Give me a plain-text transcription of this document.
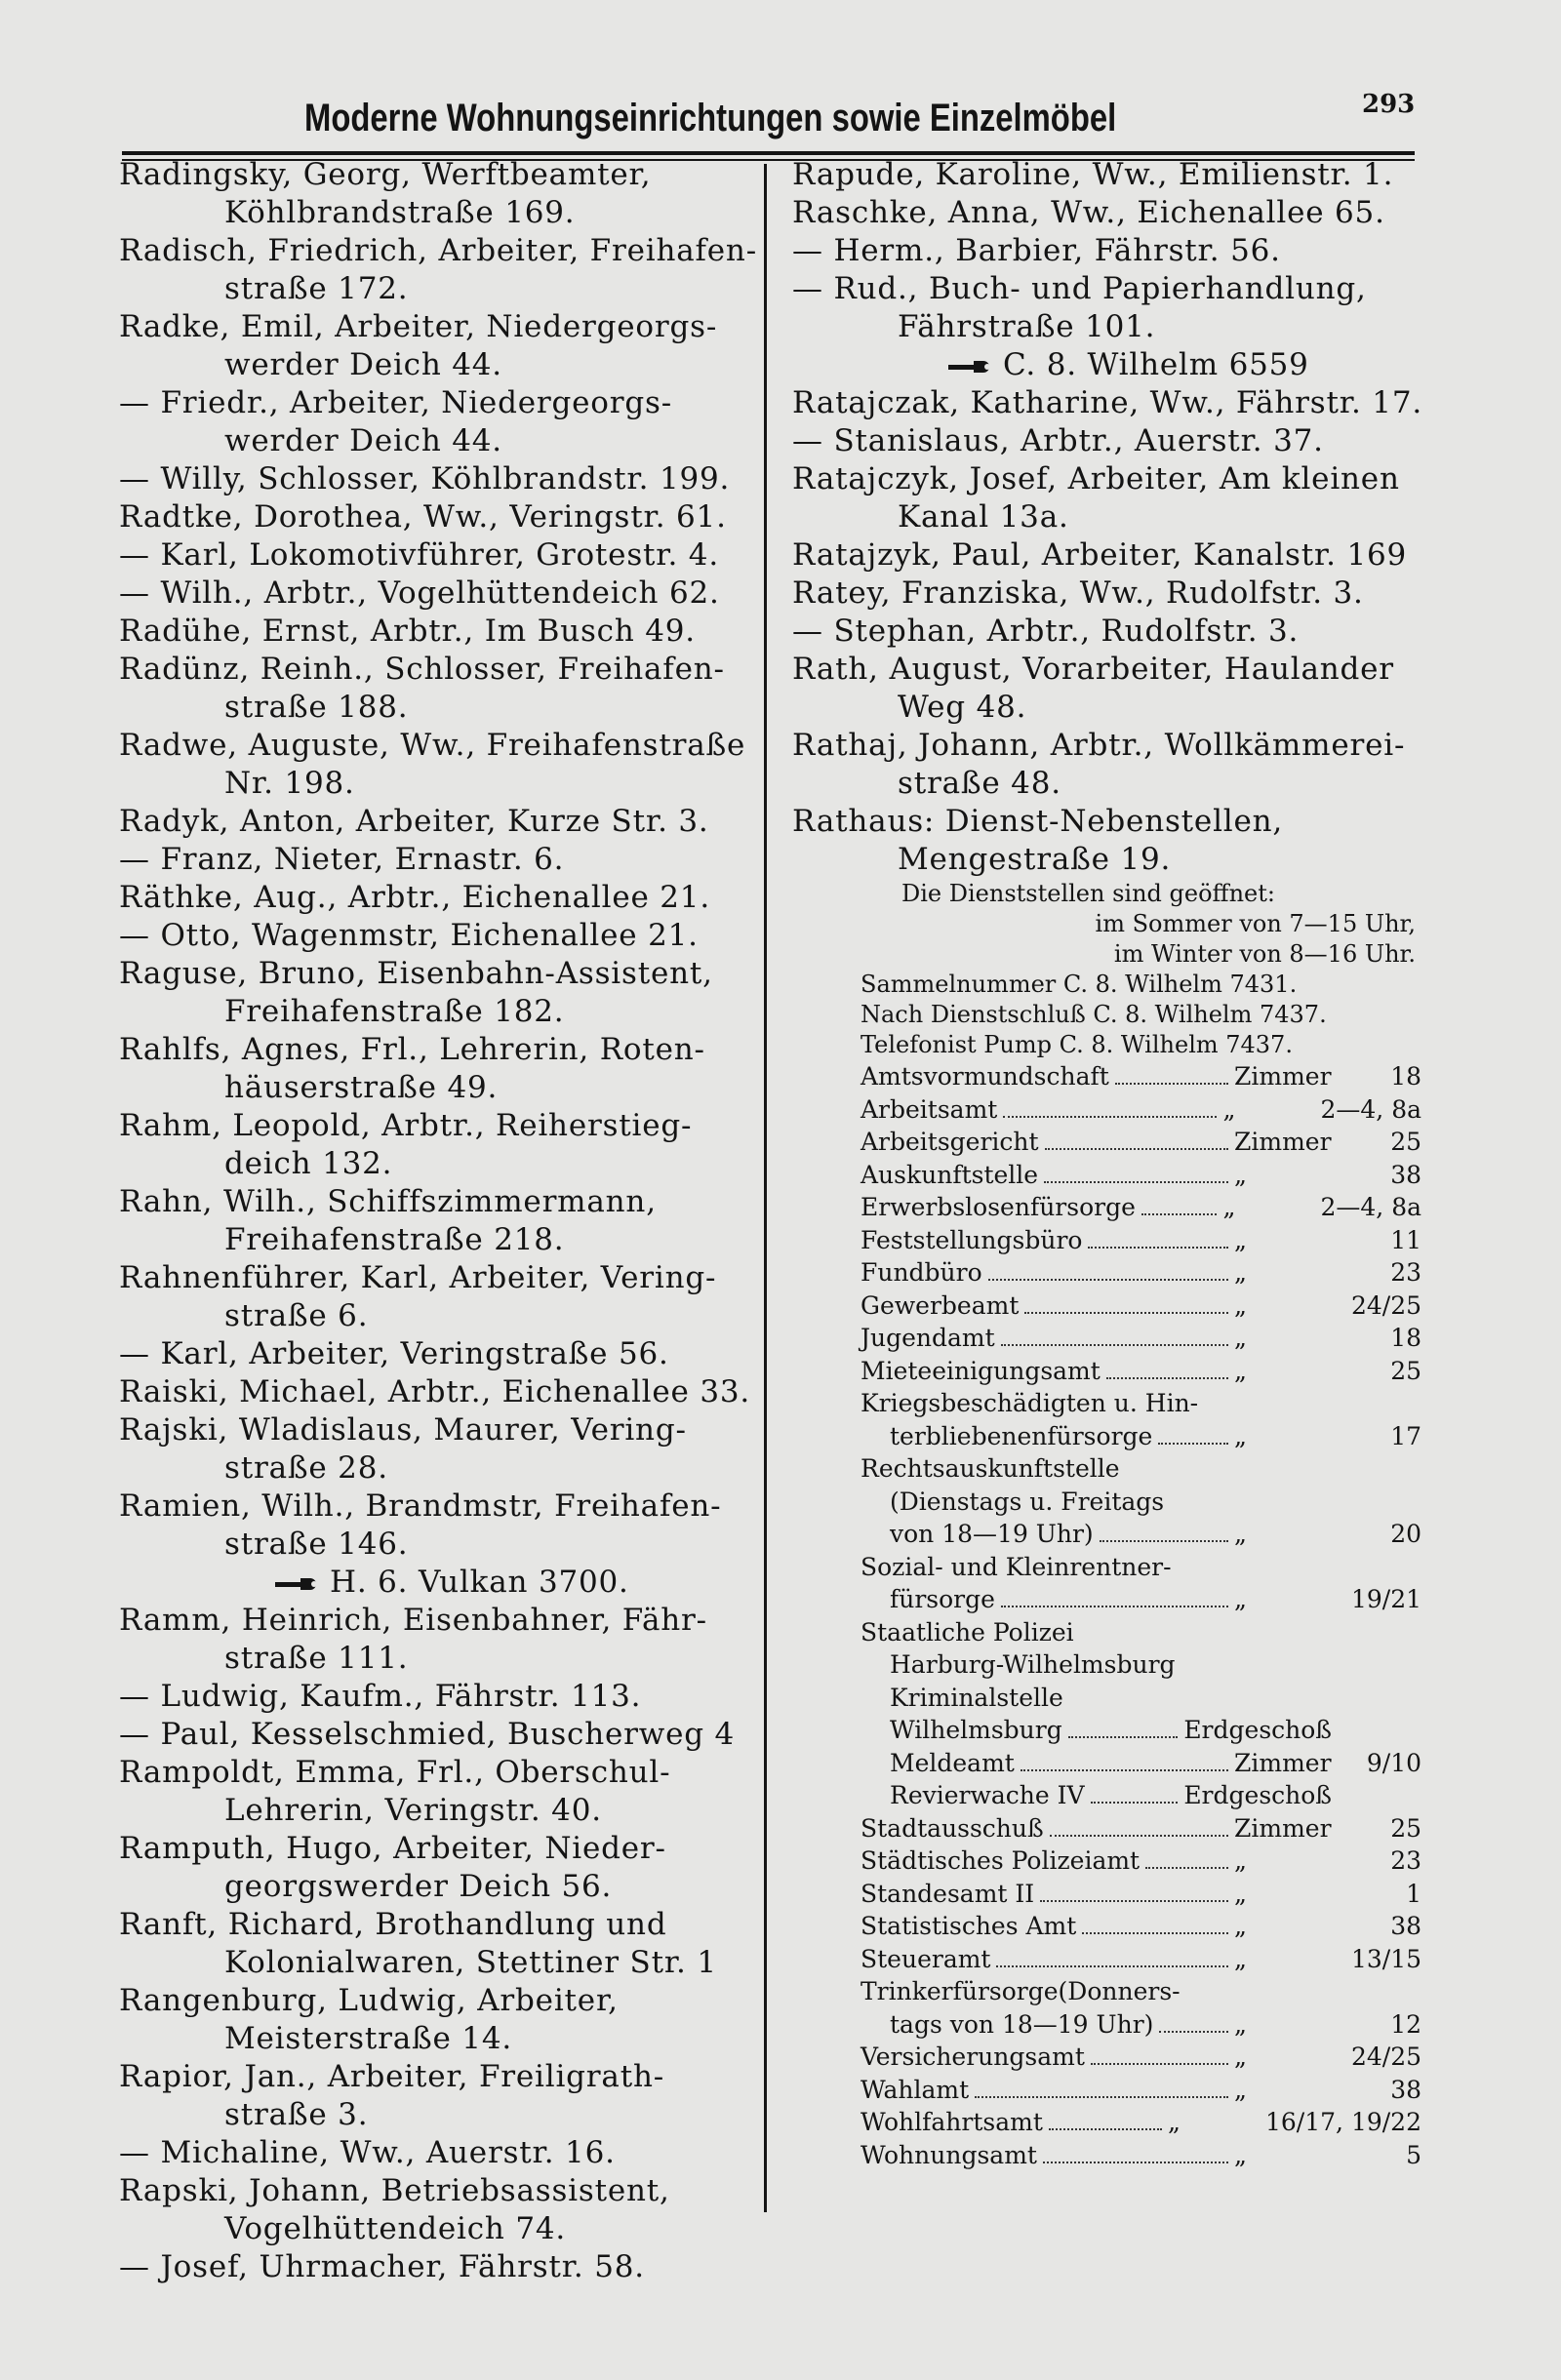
Moderne Wohnungseinrichtungen sowie Einzelmöbel	293
Radingsky, Georg, Werftbeamter,
Köhlbrandstraße 169.
Radisch, Friedrich, Arbeiter, Freihafen-
straße 172.
Radke, Emil, Arbeiter, Niedergeorgs-
werder Deich 44.
— Friedr., Arbeiter, Niedergeorgs-
werder Deich 44.
— Willy, Schlosser, Köhlbrandstr. 199.
Radtke, Dorothea, Ww., Veringstr. 61.
— Karl, Lokomotivführer, Grotestr. 4.
— Wilh., Arbtr., Vogelhüttendeich 62.
Radühe, Ernst, Arbtr., Im Busch 49.
Radünz, Reinh., Schlosser, Freihafen-
straße 188.
Radwe, Auguste, Ww., Freihafenstraße
Nr. 198.
Radyk, Anton, Arbeiter, Kurze Str. 3.
— Franz, Nieter, Ernastr. 6.
Räthke, Aug., Arbtr., Eichenallee 21.
— Otto, Wagenmstr, Eichenallee 21.
Raguse, Bruno, Eisenbahn-Assistent,
Freihafenstraße 182.
Rahlfs, Agnes, Frl., Lehrerin, Roten-
häuserstraße 49.
Rahm, Leopold, Arbtr., Reiherstieg-
deich 132.
Rahn, Wilh., Schiffszimmermann,
Freihafenstraße 218.
Rahnenführer, Karl, Arbeiter, Vering-
straße 6.
— Karl, Arbeiter, Veringstraße 56.
Raiski, Michael, Arbtr., Eichenallee 33.
Rajski, Wladislaus, Maurer, Vering-
straße 28.
Ramien, Wilh., Brandmstr, Freihafen-
straße 146.
H. 6. Vulkan 3700.
Ramm, Heinrich, Eisenbahner, Fähr-
straße 111.
— Ludwig, Kaufm., Fährstr. 113.
— Paul, Kesselschmied, Buscherweg 4
Rampoldt, Emma, Frl., Oberschul-
Lehrerin, Veringstr. 40.
Ramputh, Hugo, Arbeiter, Nieder-
georgswerder Deich 56.
Ranft, Richard, Brothandlung und
Kolonialwaren, Stettiner Str. 1
Rangenburg, Ludwig, Arbeiter,
Meisterstraße 14.
Rapior, Jan., Arbeiter, Freiligrath-
straße 3.
— Michaline, Ww., Auerstr. 16.
Rapski, Johann, Betriebsassistent,
Vogelhüttendeich 74.
— Josef, Uhrmacher, Fährstr. 58.
Rapude, Karoline, Ww., Emilienstr. 1.
Raschke, Anna, Ww., Eichenallee 65.
— Herm., Barbier, Fährstr. 56.
— Rud., Buch- und Papierhandlung,
Fährstraße 101.
C. 8. Wilhelm 6559
Ratajczak, Katharine, Ww., Fährstr. 17.
— Stanislaus, Arbtr., Auerstr. 37.
Ratajczyk, Josef, Arbeiter, Am kleinen
Kanal 13a.
Ratajzyk, Paul, Arbeiter, Kanalstr. 169
Ratey, Franziska, Ww., Rudolfstr. 3.
— Stephan, Arbtr., Rudolfstr. 3.
Rath, August, Vorarbeiter, Haulander
Weg 48.
Rathaj, Johann, Arbtr., Wollkämmerei-
straße 48.
Rathaus: Dienst-Nebenstellen,
Mengestraße 19.
Die Dienststellen sind geöffnet:
im Sommer von 7—15 Uhr,
im Winter von 8—16 Uhr.
Sammelnummer C. 8. Wilhelm 7431.
Nach Dienstschluß C. 8. Wilhelm 7437.
Telefonist Pump C. 8. Wilhelm 7437.
Amtsvormundschaft	Zimmer	18
Arbeitsamt	„	2—4, 8a
Arbeitsgericht	Zimmer	25
Auskunftstelle	„	38
Erwerbslosenfürsorge	„	2—4, 8a
Feststellungsbüro	„	11
Fundbüro	„	23
Gewerbeamt	„	24/25
Jugendamt	„	18
Mieteeinigungsamt	„	25
Kriegsbeschädigten u. Hin-
terbliebenenfürsorge	„	17
Rechtsauskunftstelle
(Dienstags u. Freitags
von 18—19 Uhr)	„	20
Sozial- und Kleinrentner-
fürsorge	„	19/21
Staatliche Polizei
Harburg-Wilhelmsburg
Kriminalstelle
Wilhelmsburg	Erdgeschoß
Meldeamt	Zimmer	9/10
Revierwache IV	Erdgeschoß
Stadtausschuß	Zimmer	25
Städtisches Polizeiamt	„	23
Standesamt II	„	1
Statistisches Amt	„	38
Steueramt	„	13/15
Trinkerfürsorge(Donners-
tags von 18—19 Uhr)	„	12
Versicherungsamt	„	24/25
Wahlamt	„	38
Wohlfahrtsamt	„	16/17, 19/22
Wohnungsamt	„	5
